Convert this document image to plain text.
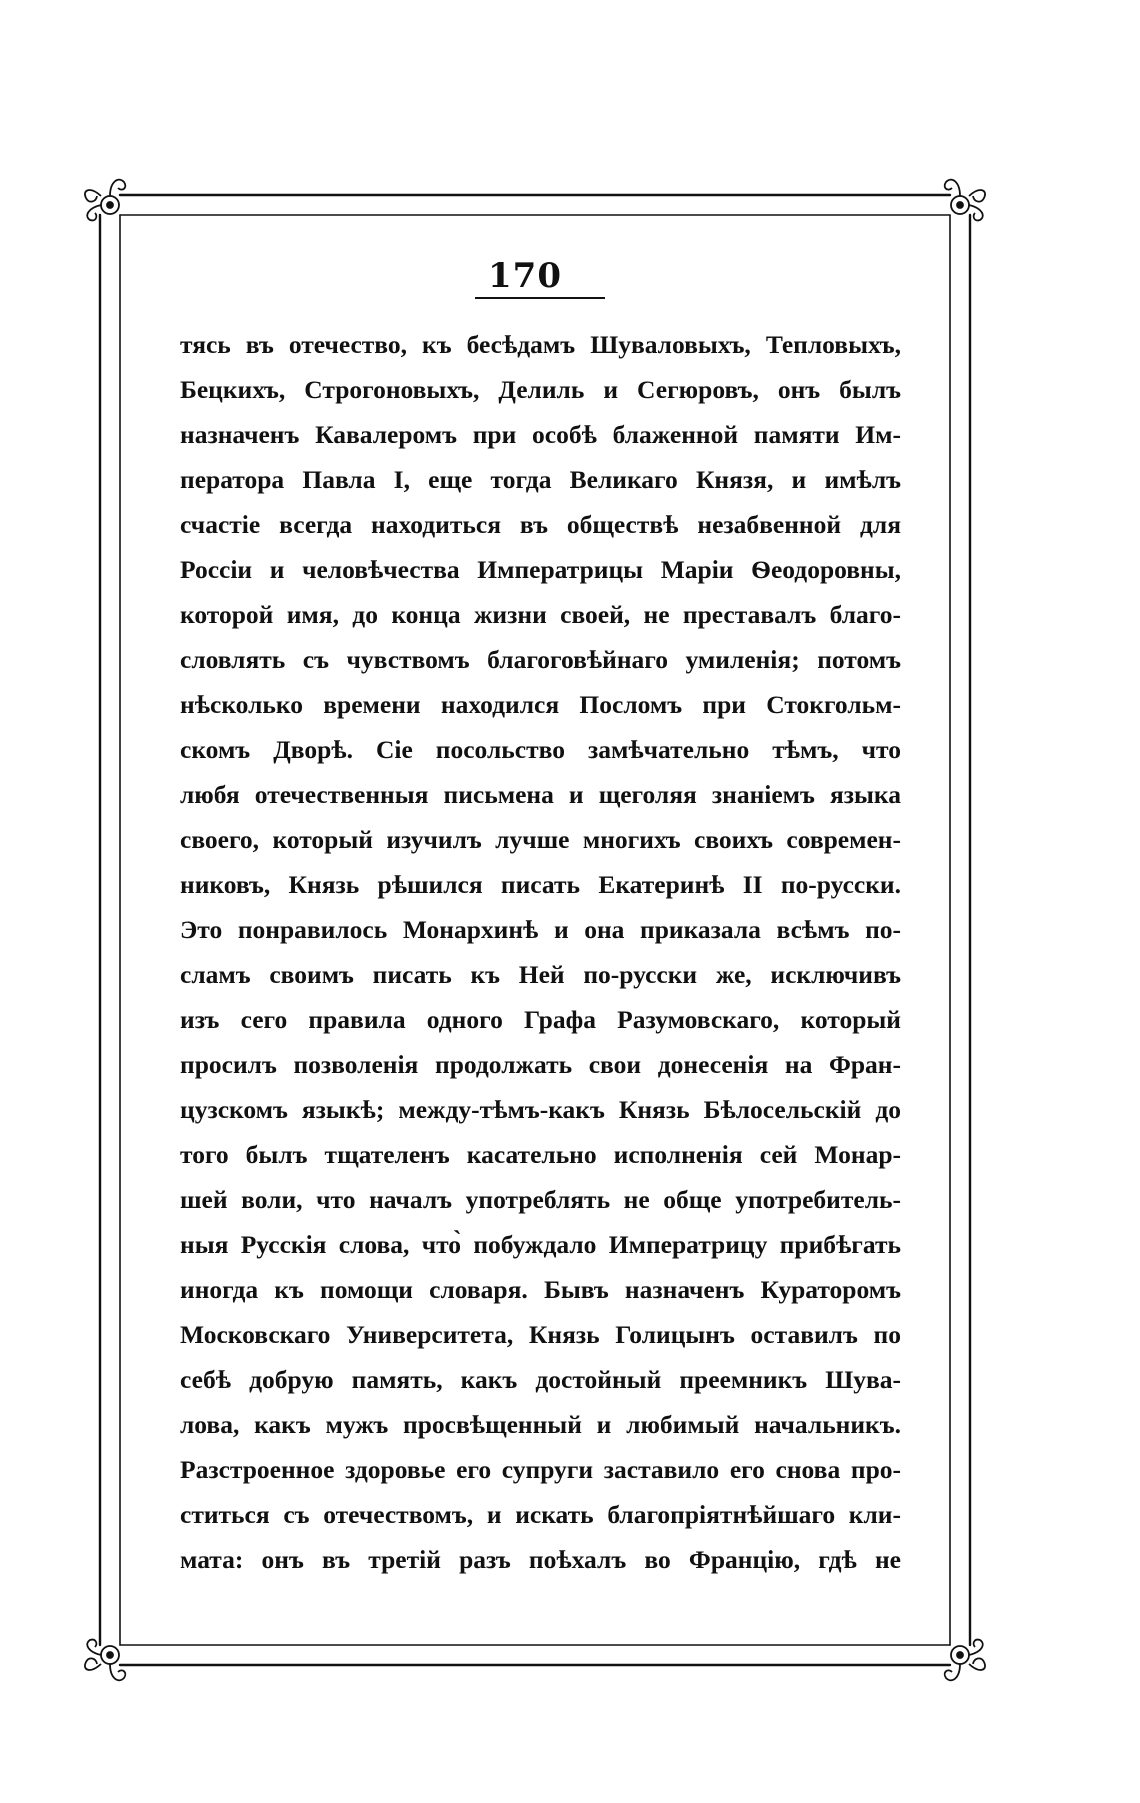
170
тясь въ отечество, къ бесѣдамъ Шуваловыхъ, Тепловыхъ,
Бецкихъ, Строгоновыхъ, Делиль и Сегюровъ, онъ былъ
назначенъ Кавалеромъ при особѣ блаженной памяти Им-
ператора Павла I, еще тогда Великаго Князя, и имѣлъ
счастіе всегда находиться въ обществѣ незабвенной для
Россіи и человѣчества Императрицы Маріи Ѳеодоровны,
которой имя, до конца жизни своей, не преставалъ благо-
словлять съ чувствомъ благоговѣйнаго умиленія; потомъ
нѣсколько времени находился Посломъ при Стокгольм-
скомъ Дворѣ. Сіе посольство замѣчательно тѣмъ, что
любя отечественныя письмена и щеголяя знаніемъ языка
своего, который изучилъ лучше многихъ своихъ современ-
никовъ, Князь рѣшился писать Екатеринѣ II по-русски.
Это понравилось Монархинѣ и она приказала всѣмъ по-
сламъ своимъ писать къ Ней по-русски же, исключивъ
изъ сего правила одного Графа Разумовскаго, который
просилъ позволенія продолжать свои донесенія на Фран-
цузскомъ языкѣ; между-тѣмъ-какъ Князь Бѣлосельскій до
того былъ тщателенъ касательно исполненія сей Монар-
шей воли, что началъ употреблять не обще употребитель-
ныя Русскія слова, что̀ побуждало Императрицу прибѣгать
иногда къ помощи словаря. Бывъ назначенъ Кураторомъ
Московскаго Университета, Князь Голицынъ оставилъ по
себѣ добрую память, какъ достойный преемникъ Шува-
лова, какъ мужъ просвѣщенный и любимый начальникъ.
Разстроенное здоровье его супруги заставило его снова про-
ститься съ отечествомъ, и искать благопріятнѣйшаго кли-
мата: онъ въ третій разъ поѣхалъ во Францію, гдѣ не
